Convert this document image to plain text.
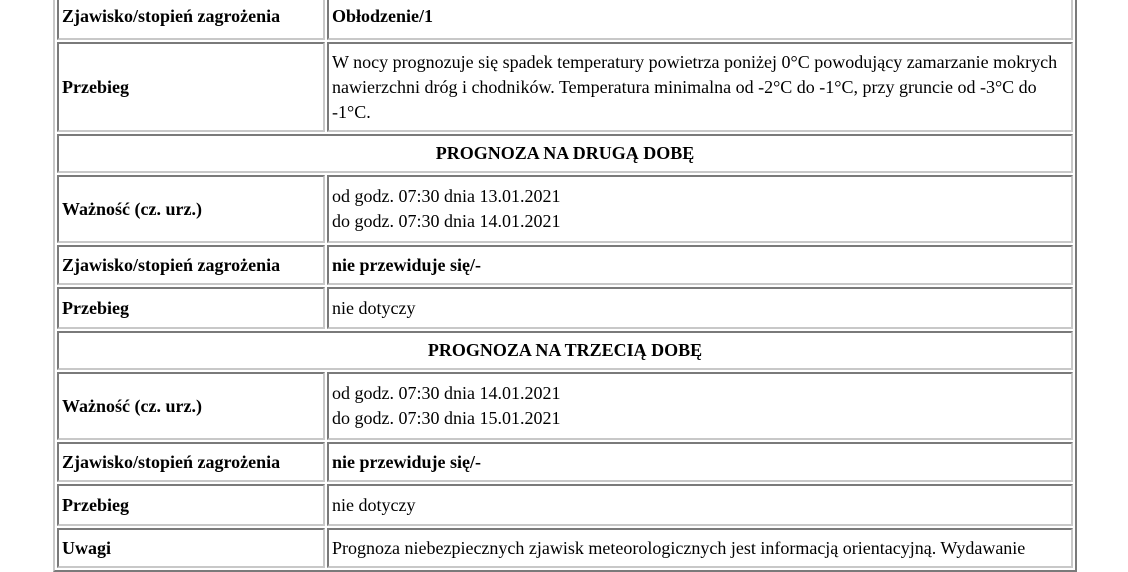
Zjawisko/stopień zagrożenia	Obłodzenie/1
Przebieg	W nocy prognozuje się spadek temperatury powietrza poniżej 0°C powodujący zamarzanie mokrych nawierzchni dróg i chodników. Temperatura minimalna od -2°C do -1°C, przy gruncie od -3°C do -1°C.
PROGNOZA NA DRUGĄ DOBĘ	
Ważność (cz. urz.)	od godz. 07:30 dnia 13.01.2021
do godz. 07:30 dnia 14.01.2021

Zjawisko/stopień zagrożenia	nie przewiduje się/-
Przebieg	nie dotyczy
PROGNOZA NA TRZECIĄ DOBĘ	
Ważność (cz. urz.)	od godz. 07:30 dnia 14.01.2021
do godz. 07:30 dnia 15.01.2021

Zjawisko/stopień zagrożenia	nie przewiduje się/-
Przebieg	nie dotyczy
Uwagi	Prognoza niebezpiecznych zjawisk meteorologicznych jest informacją orientacyjną. Wydawanie
